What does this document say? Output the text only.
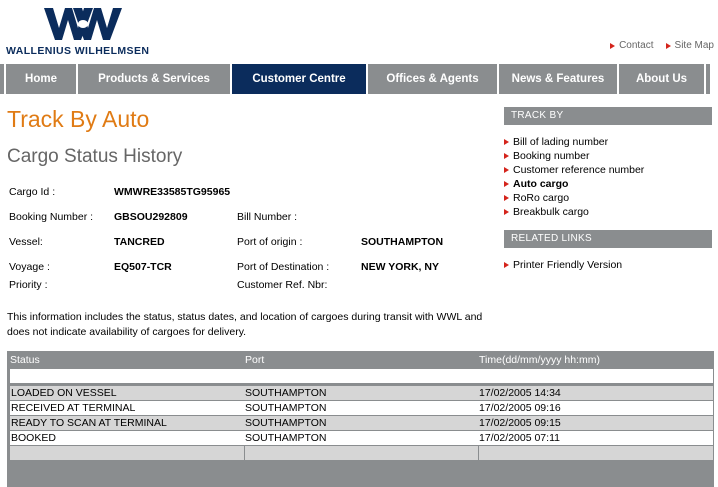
WALLENIUS WILHELMSEN	Contact Site Map
Home	Products & Services	Customer Centre	Offices & Agents	News & Features	About Us
Track By Auto
Cargo Status History
Cargo Id :	WMWRE33585TG95965
Booking Number : GBSOU292809	Bill Number :
Vessel:	TANCRED	Port of origin :	SOUTHAMPTON
Voyage :	EQ507-TCR	Port of Destination :	NEW YORK, NY
Priority :	Customer Ref. Nbr:
This information includes the status, status dates, and location of cargoes during transit with WWL and does not indicate availability of cargoes for delivery.
Status	Port	Time(dd/mm/yyyy hh:mm)
LOADED ON VESSEL	SOUTHAMPTON	17/02/2005 14:34
RECEIVED AT TERMINAL	SOUTHAMPTON	17/02/2005 09:16
READY TO SCAN AT TERMINAL	SOUTHAMPTON	17/02/2005 09:15
BOOKED	SOUTHAMPTON	17/02/2005 07:11
TRACK BY
Bill of lading number
Booking number
Customer reference number
Auto cargo
RoRo cargo
Breakbulk cargo
RELATED LINKS
Printer Friendly Version
